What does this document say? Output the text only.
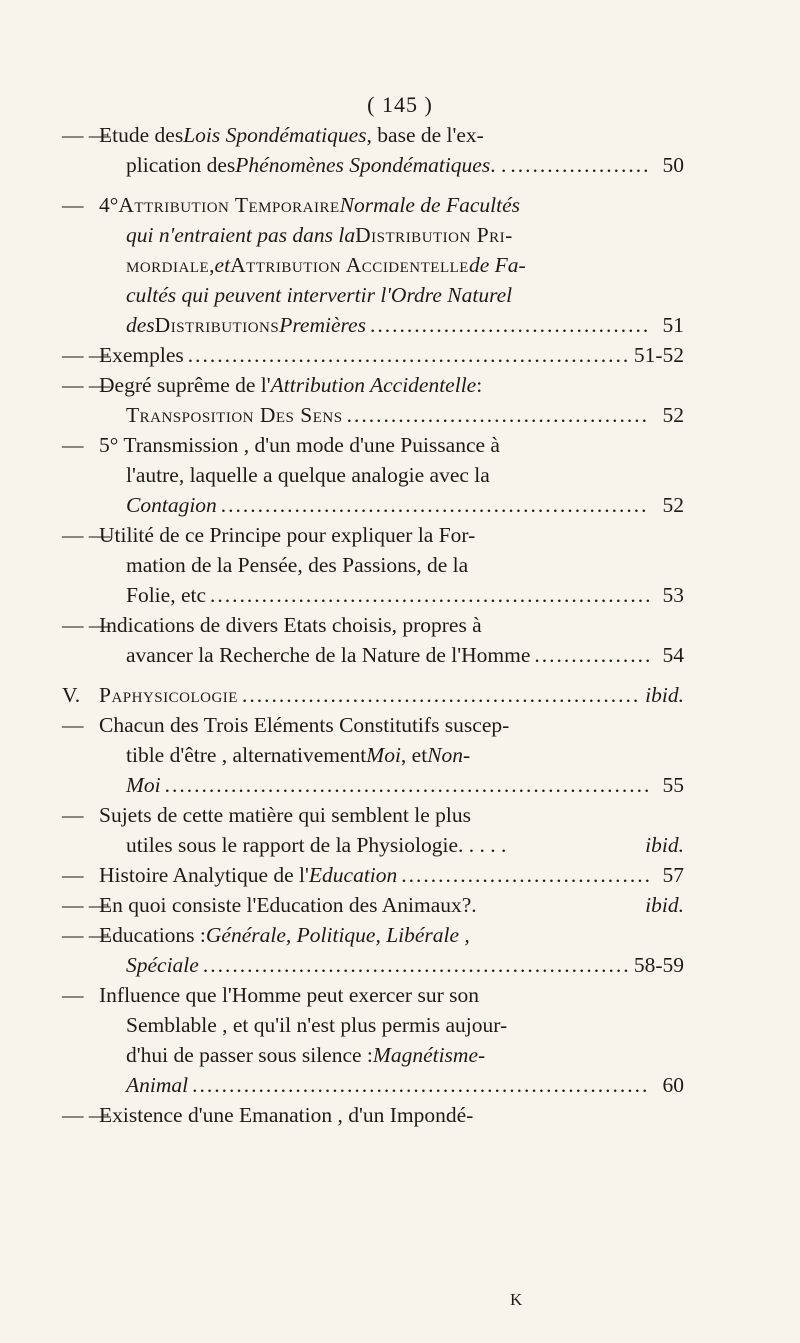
( 145 )
— —
Etude des Lois Spondématiques , base de l'ex-
plication des Phénomènes Spondématiques . . .....	50
— 4° Attribution Temporaire Normale de Facultés
qui n'entraient pas dans la Distribution Pri-
mordiale , et Attribution Accidentelle de Fa-
cultés qui peuvent intervertir l'Ordre Naturel
des Distributions Premières .....	51
— —
Exemples .....	51-52
— —
Degré suprême de l' Attribution Accidentelle :
Transposition Des Sens .....	52
— 5° Transmission , d'un mode d'une Puissance à
l'autre, laquelle a quelque analogie avec la
Contagion .....	52
— —
Utilité de ce Principe pour expliquer la For-
mation de la Pensée, des Passions, de la
Folie, etc .....	53
— —
Indications de divers Etats choisis, propres à
avancer la Recherche de la Nature de l'Homme .....	54
V. Paphysicologie .....	ibid.
— Chacun des Trois Eléments Constitutifs suscep-
tible d'être , alternativement Moi , et Non-
Moi .....	55
— Sujets de cette matière qui semblent le plus
utiles sous le rapport de la Physiologie. . . . .	ibid.
— Histoire Analytique de l' Education .....	57
— —
En quoi consiste l'Education des Animaux?.	ibid.
— —
Educations : Générale, Politique, Libérale ,
Spéciale .....	58-59
— Influence que l'Homme peut exercer sur son
Semblable , et qu'il n'est plus permis aujour-
d'hui de passer sous silence : Magnétisme-
Animal .....	60
— —
Existence d'une Emanation , d'un Impondé-
K
